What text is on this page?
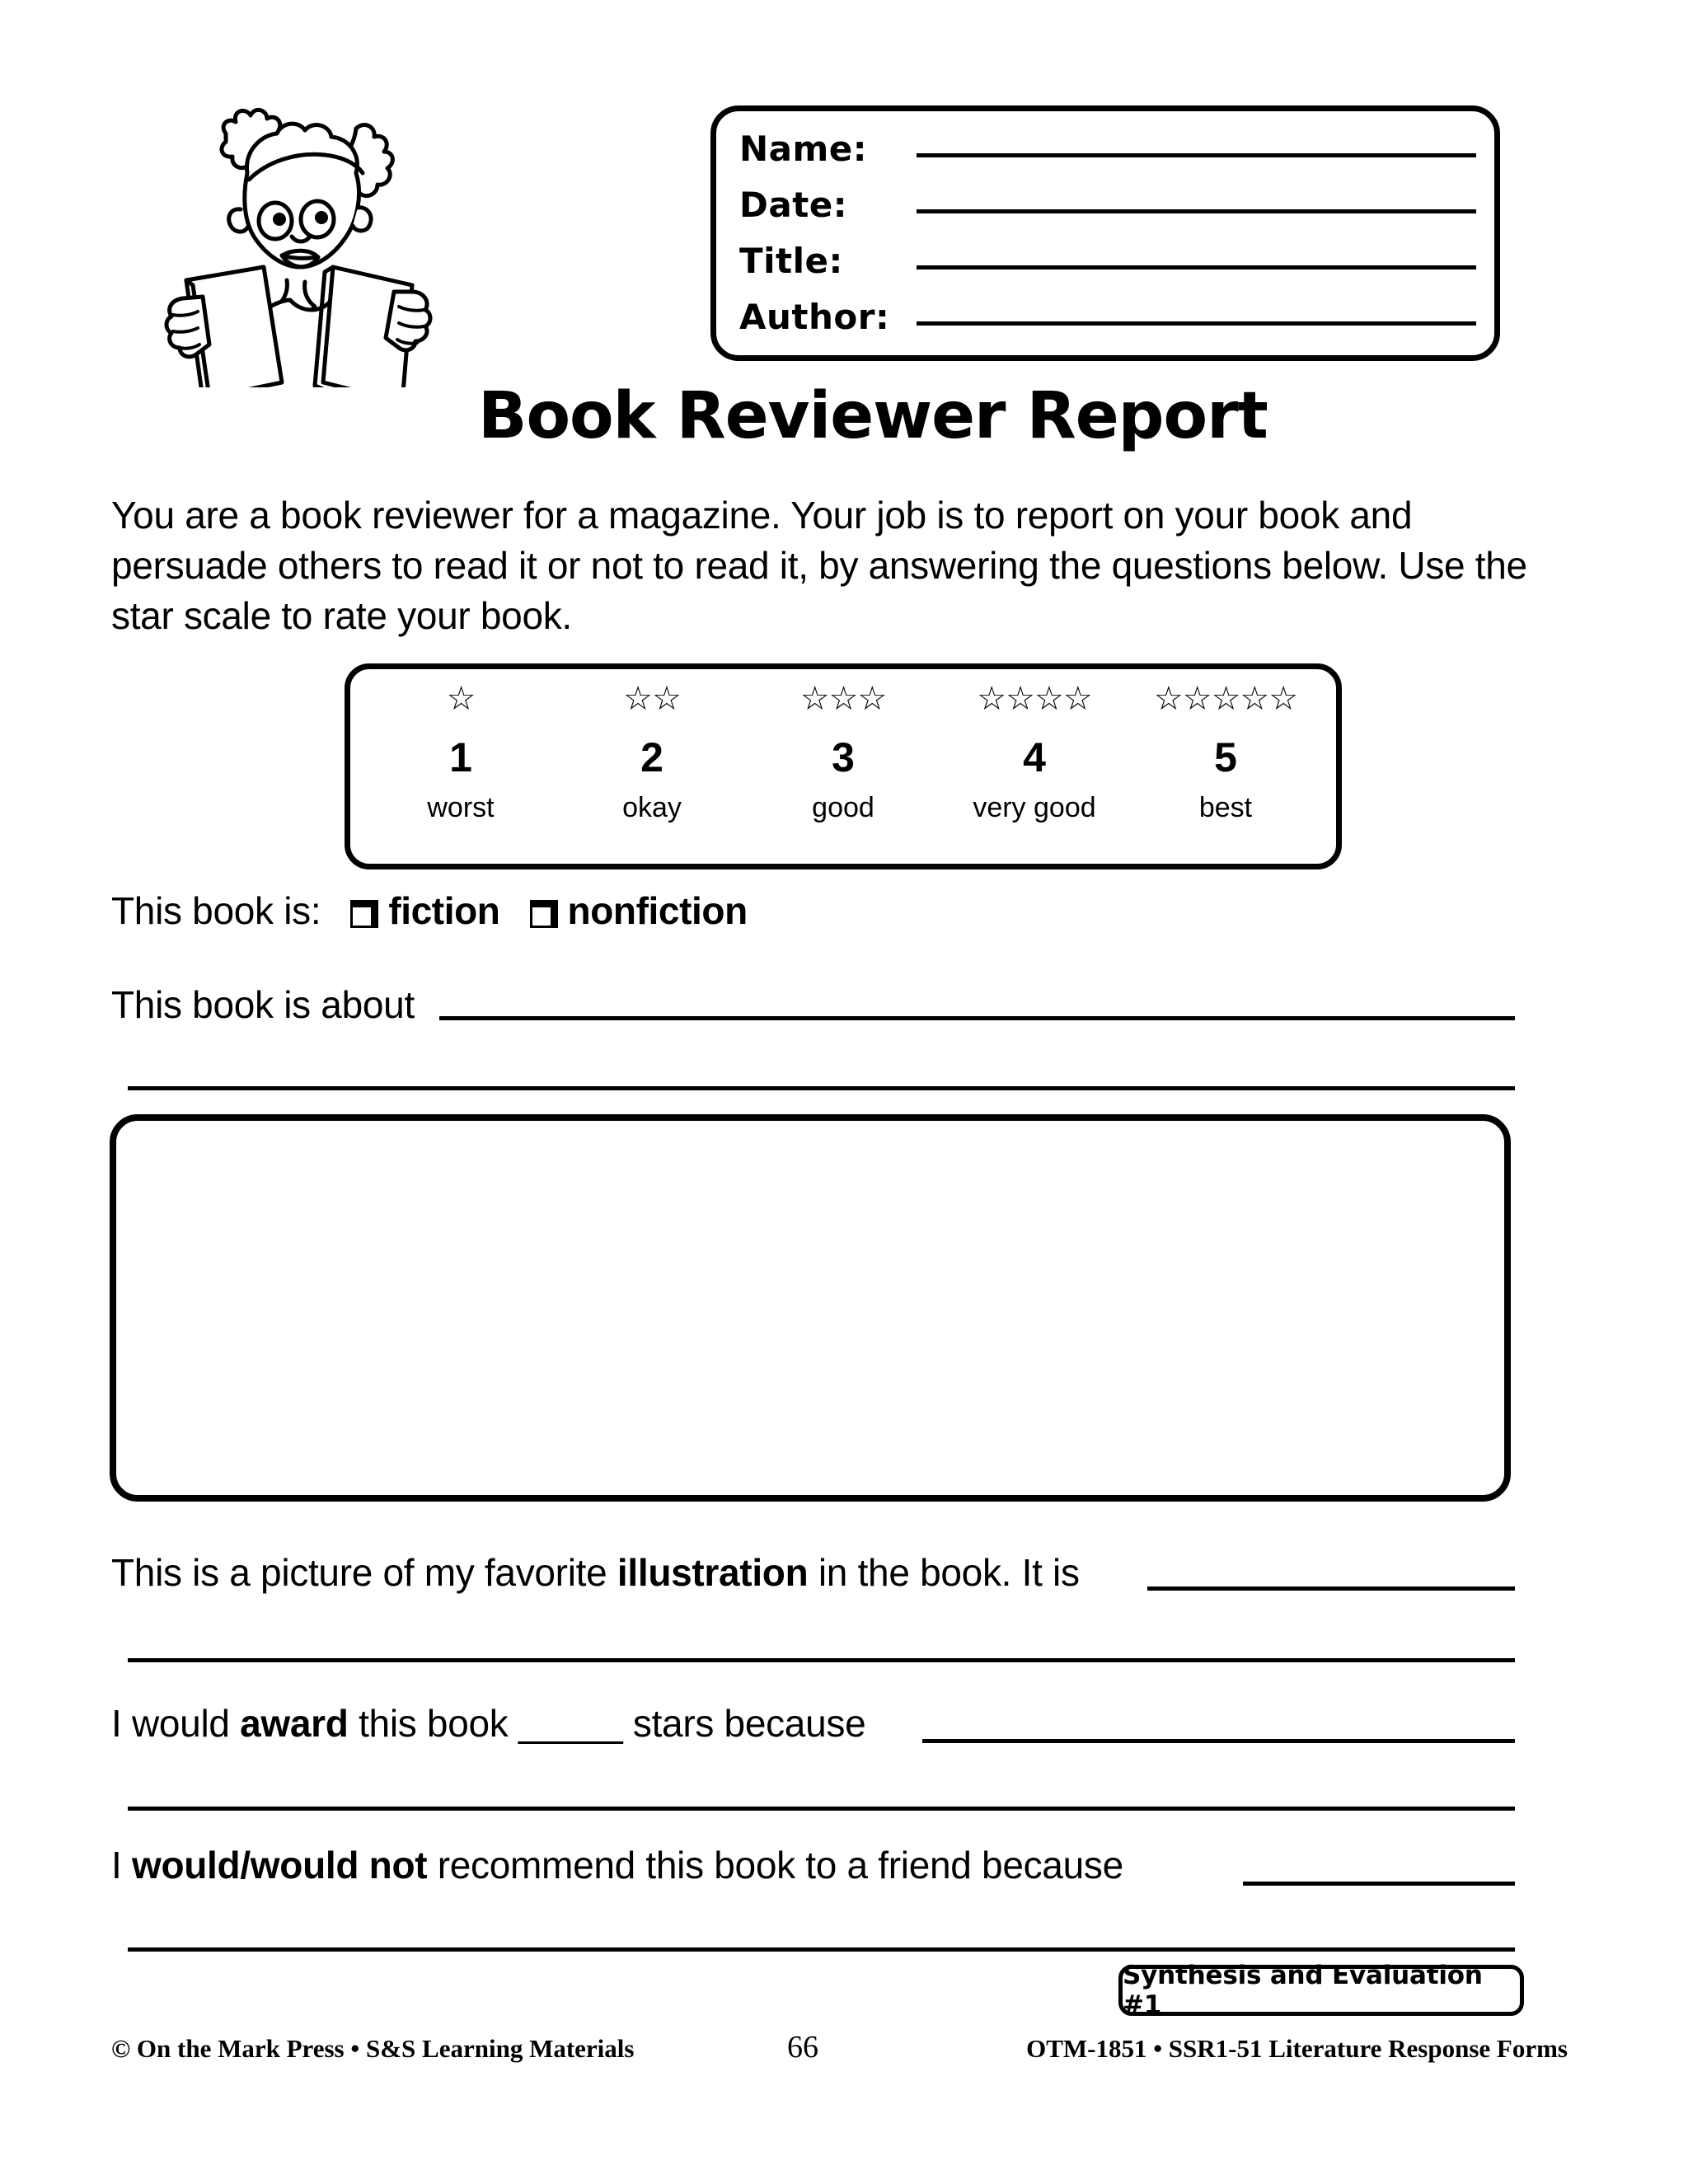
Name:
Date:
Title:
Author:
Book Reviewer Report
You are a book reviewer for a magazine. Your job is to report on your book and persuade others to read it or not to read it, by answering the questions below. Use the star scale to rate your book.
☆
1
worst
☆☆
2
okay
☆☆☆
3
good
☆☆☆☆
4
very good
☆☆☆☆☆
5
best
This book is: fiction nonfiction
This book is about
This is a picture of my favorite illustration in the book. It is
I would award this book _____ stars because
I would/would not recommend this book to a friend because
Synthesis and Evaluation #1
© On the Mark Press • S&S Learning Materials	66	OTM-1851 • SSR1-51 Literature Response Forms
